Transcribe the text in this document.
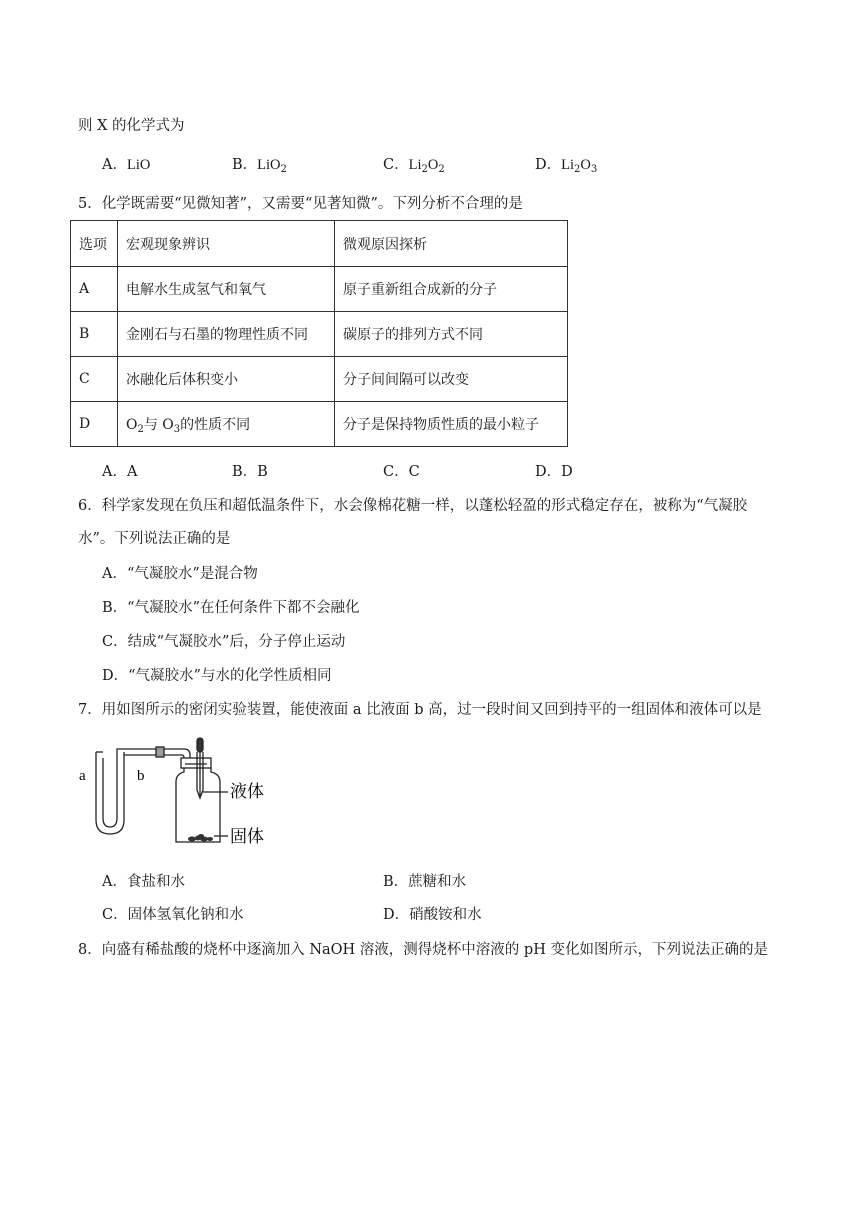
则 X 的化学式为
A．LiO	B．LiO$_2$	C．$Li_2O_2$	D．$Li_2O_3$
5．化学既需要“见微知著”，又需要“见著知微”。下列分析不合理的是
选项	宏观现象辨识	微观原因探析
A	电解水生成氢气和氧气	原子重新组合成新的分子
B	金刚石与石墨的物理性质不同	碳原子的排列方式不同
C	冰融化后体积变小	分子间间隔可以改变
D	$O_2$与 $O_3$的性质不同	分子是保持物质性质的最小粒子
A．A	B．B	C．C	D．D
6．科学家发现在负压和超低温条件下，水会像棉花糖一样，以蓬松轻盈的形式稳定存在，被称为“气凝胶
水”。下列说法正确的是
A．“气凝胶水”是混合物
B．“气凝胶水”在任何条件下都不会融化
C．结成“气凝胶水”后，分子停止运动
D．“气凝胶水”与水的化学性质相同
7．用如图所示的密闭实验装置，能使液面 a 比液面 b 高，过一段时间又回到持平的一组固体和液体可以是
a	b
液体
固体
A．食盐和水	B．蔗糖和水
C．固体氢氧化钠和水	D．硝酸铵和水
8．向盛有稀盐酸的烧杯中逐滴加入 NaOH 溶液，测得烧杯中溶液的 pH 变化如图所示，下列说法正确的是
